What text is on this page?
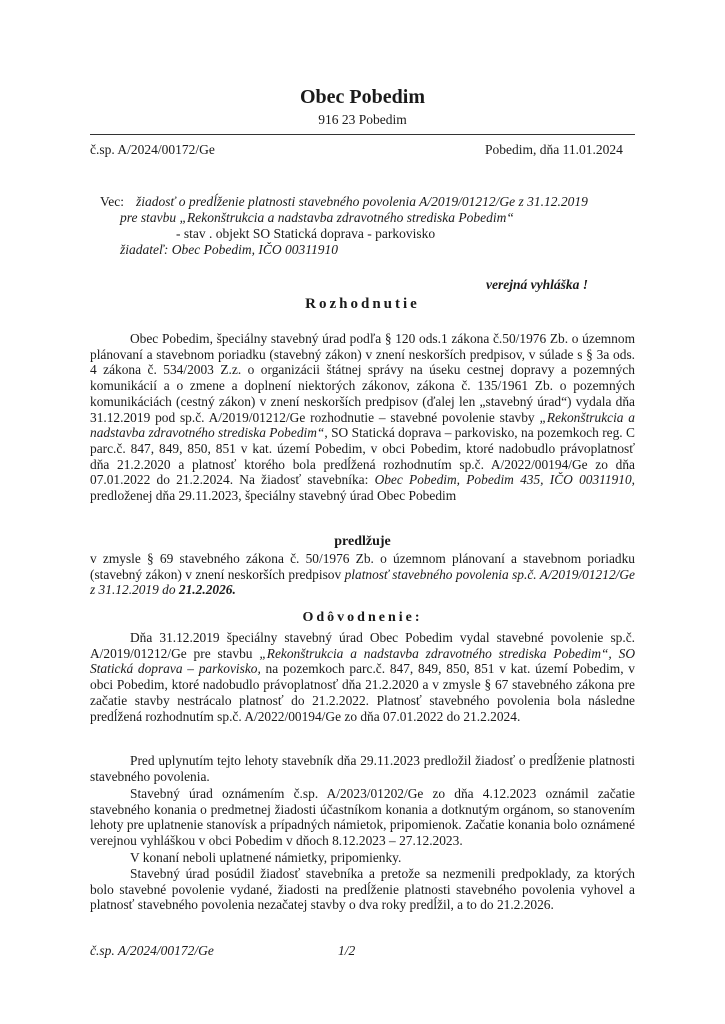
Obec Pobedim

916 23 Pobedim

č.sp. A/2024/00172/Ge	Pobedim, dňa 11.01.2024

Vec: žiadosť o predĺženie platnosti stavebného povolenia A/2019/01212/Ge z 31.12.2019

pre stavbu „Rekonštrukcia a nadstavba zdravotného strediska Pobedim“

- stav . objekt SO Statická doprava - parkovisko

žiadateľ: Obec Pobedim, IČO 00311910

verejná vyhláška !

Rozhodnutie

Obec Pobedim, špeciálny stavebný úrad podľa § 120 ods.1 zákona č.50/1976 Zb. o územnom plánovaní a stavebnom poriadku (stavebný zákon) v znení neskorších predpisov, v súlade s § 3a ods. 4 zákona č. 534/2003 Z.z. o organizácii štátnej správy na úseku cestnej dopravy a pozemných komunikácií a o zmene a doplnení niektorých zákonov, zákona č. 135/1961 Zb. o pozemných komunikáciách (cestný zákon) v znení neskorších predpisov (ďalej len „stavebný úrad“) vydala dňa 31.12.2019 pod sp.č. A/2019/01212/Ge rozhodnutie – stavebné povolenie stavby „Rekonštrukcia a nadstavba zdravotného strediska Pobedim“, SO Statická doprava – parkovisko, na pozemkoch reg. C parc.č. 847, 849, 850, 851 v kat. území Pobedim, v obci Pobedim, ktoré nadobudlo právoplatnosť dňa 21.2.2020 a platnosť ktorého bola predĺžená rozhodnutím sp.č. A/2022/00194/Ge zo dňa 07.01.2022 do 21.2.2024. Na žiadosť stavebníka: Obec Pobedim, Pobedim 435, IČO 00311910, predloženej dňa 29.11.2023, špeciálny stavebný úrad Obec Pobedim

predlžuje

v zmysle § 69 stavebného zákona č. 50/1976 Zb. o územnom plánovaní a stavebnom poriadku (stavebný zákon) v znení neskorších predpisov platnosť stavebného povolenia sp.č. A/2019/01212/Ge z 31.12.2019 do 21.2.2026.

Odôvodnenie:

Dňa 31.12.2019 špeciálny stavebný úrad Obec Pobedim vydal stavebné povolenie sp.č. A/2019/01212/Ge pre stavbu „Rekonštrukcia a nadstavba zdravotného strediska Pobedim“, SO Statická doprava – parkovisko, na pozemkoch parc.č. 847, 849, 850, 851 v kat. území Pobedim, v obci Pobedim, ktoré nadobudlo právoplatnosť dňa 21.2.2020 a v zmysle § 67 stavebného zákona pre začatie stavby nestrácalo platnosť do 21.2.2022. Platnosť stavebného povolenia bola následne predĺžená rozhodnutím sp.č. A/2022/00194/Ge zo dňa 07.01.2022 do 21.2.2024.

Pred uplynutím tejto lehoty stavebník dňa 29.11.2023 predložil žiadosť o predĺženie platnosti stavebného povolenia.

Stavebný úrad oznámením č.sp. A/2023/01202/Ge zo dňa 4.12.2023 oznámil začatie stavebného konania o predmetnej žiadosti účastníkom konania a dotknutým orgánom, so stanovením lehoty pre uplatnenie stanovísk a prípadných námietok, pripomienok. Začatie konania bolo oznámené verejnou vyhláškou v obci Pobedim v dňoch 8.12.2023 – 27.12.2023.

V konaní neboli uplatnené námietky, pripomienky.

Stavebný úrad posúdil žiadosť stavebníka a pretože sa nezmenili predpoklady, za ktorých bolo stavebné povolenie vydané, žiadosti na predĺženie platnosti stavebného povolenia vyhovel a platnosť stavebného povolenia nezačatej stavby o dva roky predĺžil, a to do 21.2.2026.

č.sp. A/2024/00172/Ge	1/2
